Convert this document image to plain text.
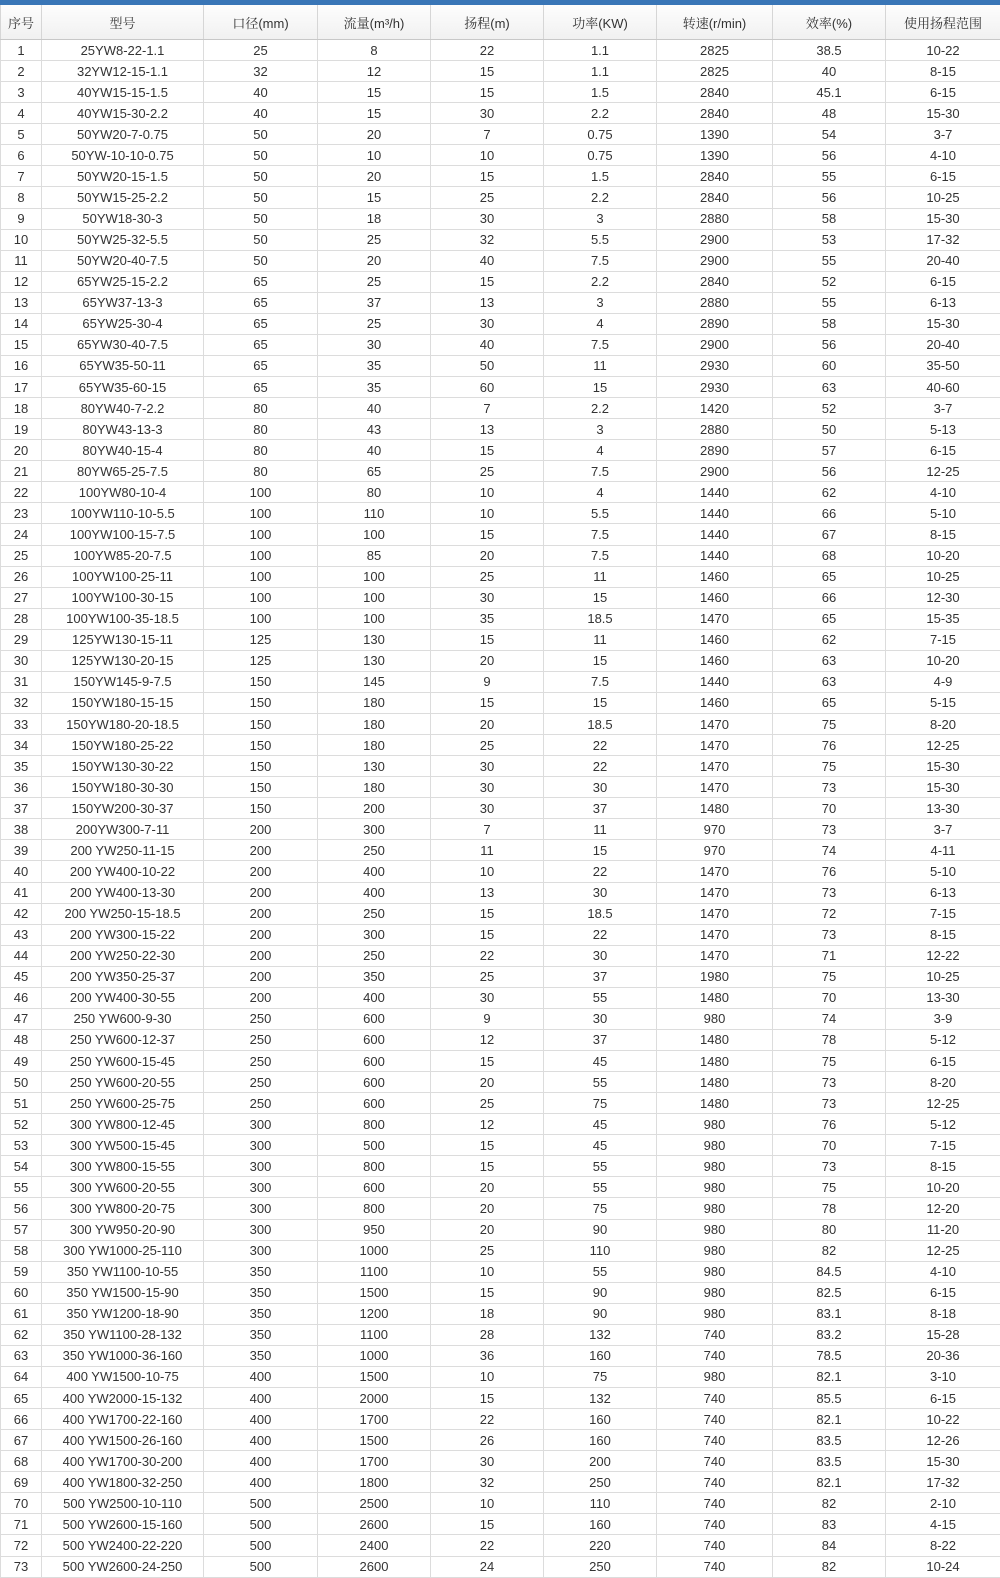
序号	型号	口径(mm)	流量(m³/h)	扬程(m)	功率(KW)	转速(r/min)	效率(%)	使用扬程范围
1	25YW8-22-1.1	25	8	22	1.1	2825	38.5	10-22
2	32YW12-15-1.1	32	12	15	1.1	2825	40	8-15
3	40YW15-15-1.5	40	15	15	1.5	2840	45.1	6-15
4	40YW15-30-2.2	40	15	30	2.2	2840	48	15-30
5	50YW20-7-0.75	50	20	7	0.75	1390	54	3-7
6	50YW-10-10-0.75	50	10	10	0.75	1390	56	4-10
7	50YW20-15-1.5	50	20	15	1.5	2840	55	6-15
8	50YW15-25-2.2	50	15	25	2.2	2840	56	10-25
9	50YW18-30-3	50	18	30	3	2880	58	15-30
10	50YW25-32-5.5	50	25	32	5.5	2900	53	17-32
11	50YW20-40-7.5	50	20	40	7.5	2900	55	20-40
12	65YW25-15-2.2	65	25	15	2.2	2840	52	6-15
13	65YW37-13-3	65	37	13	3	2880	55	6-13
14	65YW25-30-4	65	25	30	4	2890	58	15-30
15	65YW30-40-7.5	65	30	40	7.5	2900	56	20-40
16	65YW35-50-11	65	35	50	11	2930	60	35-50
17	65YW35-60-15	65	35	60	15	2930	63	40-60
18	80YW40-7-2.2	80	40	7	2.2	1420	52	3-7
19	80YW43-13-3	80	43	13	3	2880	50	5-13
20	80YW40-15-4	80	40	15	4	2890	57	6-15
21	80YW65-25-7.5	80	65	25	7.5	2900	56	12-25
22	100YW80-10-4	100	80	10	4	1440	62	4-10
23	100YW110-10-5.5	100	110	10	5.5	1440	66	5-10
24	100YW100-15-7.5	100	100	15	7.5	1440	67	8-15
25	100YW85-20-7.5	100	85	20	7.5	1440	68	10-20
26	100YW100-25-11	100	100	25	11	1460	65	10-25
27	100YW100-30-15	100	100	30	15	1460	66	12-30
28	100YW100-35-18.5	100	100	35	18.5	1470	65	15-35
29	125YW130-15-11	125	130	15	11	1460	62	7-15
30	125YW130-20-15	125	130	20	15	1460	63	10-20
31	150YW145-9-7.5	150	145	9	7.5	1440	63	4-9
32	150YW180-15-15	150	180	15	15	1460	65	5-15
33	150YW180-20-18.5	150	180	20	18.5	1470	75	8-20
34	150YW180-25-22	150	180	25	22	1470	76	12-25
35	150YW130-30-22	150	130	30	22	1470	75	15-30
36	150YW180-30-30	150	180	30	30	1470	73	15-30
37	150YW200-30-37	150	200	30	37	1480	70	13-30
38	200YW300-7-11	200	300	7	11	970	73	3-7
39	200 YW250-11-15	200	250	11	15	970	74	4-11
40	200 YW400-10-22	200	400	10	22	1470	76	5-10
41	200 YW400-13-30	200	400	13	30	1470	73	6-13
42	200 YW250-15-18.5	200	250	15	18.5	1470	72	7-15
43	200 YW300-15-22	200	300	15	22	1470	73	8-15
44	200 YW250-22-30	200	250	22	30	1470	71	12-22
45	200 YW350-25-37	200	350	25	37	1980	75	10-25
46	200 YW400-30-55	200	400	30	55	1480	70	13-30
47	250 YW600-9-30	250	600	9	30	980	74	3-9
48	250 YW600-12-37	250	600	12	37	1480	78	5-12
49	250 YW600-15-45	250	600	15	45	1480	75	6-15
50	250 YW600-20-55	250	600	20	55	1480	73	8-20
51	250 YW600-25-75	250	600	25	75	1480	73	12-25
52	300 YW800-12-45	300	800	12	45	980	76	5-12
53	300 YW500-15-45	300	500	15	45	980	70	7-15
54	300 YW800-15-55	300	800	15	55	980	73	8-15
55	300 YW600-20-55	300	600	20	55	980	75	10-20
56	300 YW800-20-75	300	800	20	75	980	78	12-20
57	300 YW950-20-90	300	950	20	90	980	80	11-20
58	300 YW1000-25-110	300	1000	25	110	980	82	12-25
59	350 YW1100-10-55	350	1100	10	55	980	84.5	4-10
60	350 YW1500-15-90	350	1500	15	90	980	82.5	6-15
61	350 YW1200-18-90	350	1200	18	90	980	83.1	8-18
62	350 YW1100-28-132	350	1100	28	132	740	83.2	15-28
63	350 YW1000-36-160	350	1000	36	160	740	78.5	20-36
64	400 YW1500-10-75	400	1500	10	75	980	82.1	3-10
65	400 YW2000-15-132	400	2000	15	132	740	85.5	6-15
66	400 YW1700-22-160	400	1700	22	160	740	82.1	10-22
67	400 YW1500-26-160	400	1500	26	160	740	83.5	12-26
68	400 YW1700-30-200	400	1700	30	200	740	83.5	15-30
69	400 YW1800-32-250	400	1800	32	250	740	82.1	17-32
70	500 YW2500-10-110	500	2500	10	110	740	82	2-10
71	500 YW2600-15-160	500	2600	15	160	740	83	4-15
72	500 YW2400-22-220	500	2400	22	220	740	84	8-22
73	500 YW2600-24-250	500	2600	24	250	740	82	10-24
